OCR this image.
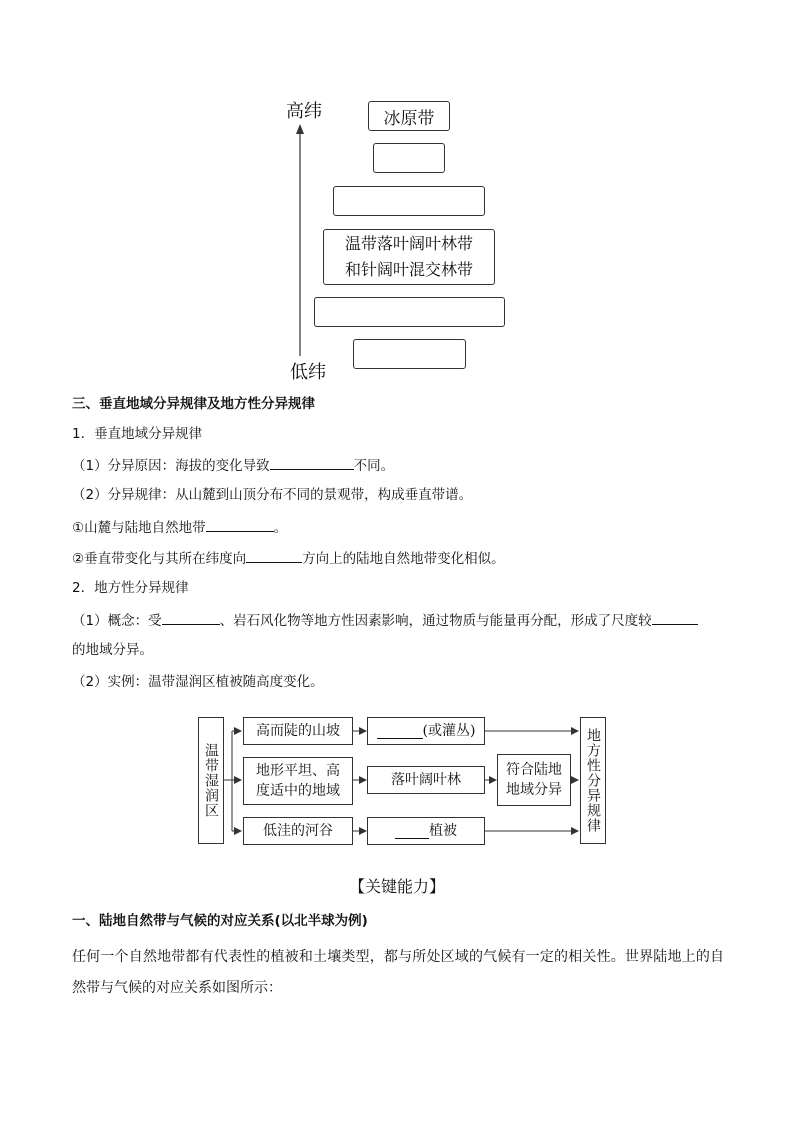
高纬
低纬
冰原带
温带落叶阔叶林带
和针阔叶混交林带
三、垂直地域分异规律及地方性分异规律
1．垂直地域分异规律
（1）分异原因：海拔的变化导致	不同。
（2）分异规律：从山麓到山顶分布不同的景观带，构成垂直带谱。
①山麓与陆地自然地带	。
②垂直带变化与其所在纬度向	方向上的陆地自然地带变化相似。
2．地方性分异规律
（1）概念：受	、岩石风化物等地方性因素影响，通过物质与能量再分配，形成了尺度较
的地域分异。
（2）实例：温带湿润区植被随高度变化。
温带湿润区
高而陡的山坡
地形平坦、高度适中的地域
低洼的河谷
(或灌丛)
落叶阔叶林
植被
符合陆地地域分异 地方性分异规律
【关键能力】
一、陆地自然带与气候的对应关系(以北半球为例)
任何一个自然地带都有代表性的植被和土壤类型，都与所处区域的气候有一定的相关性。世界陆地上的自然带与气候的对应关系如图所示：
